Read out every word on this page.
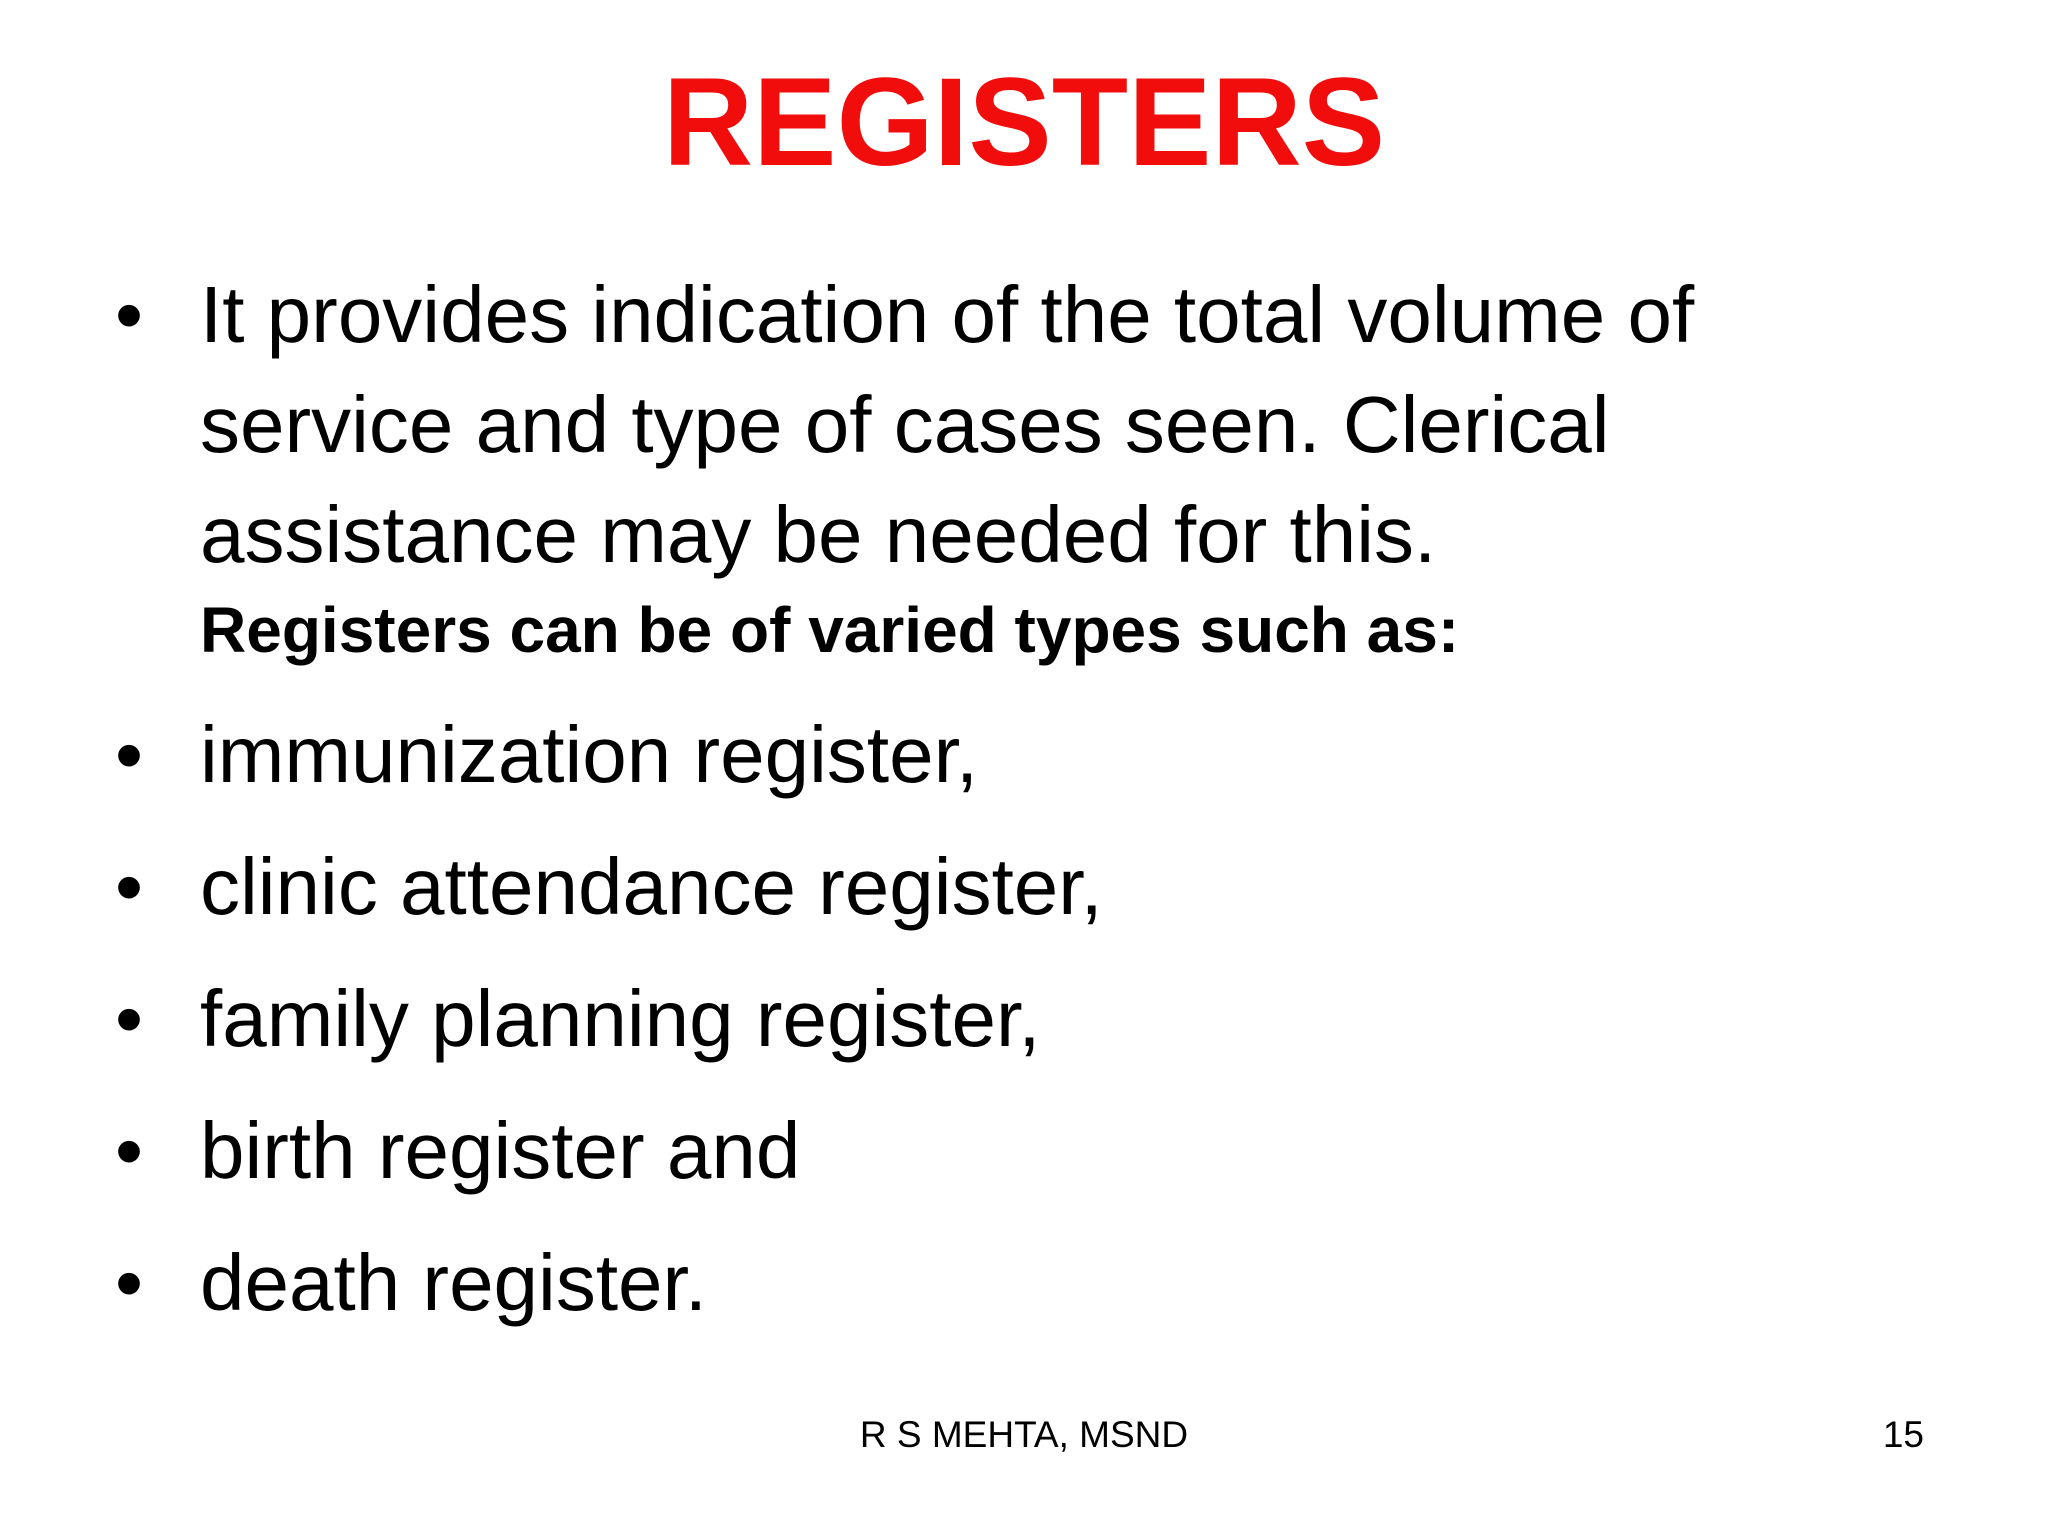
REGISTERS
• It provides indication of the total volume of service and type of cases seen. Clerical assistance may be needed for this.

Registers can be of varied types such as:

• immunization register,

• clinic attendance register,

• family planning register,

• birth register and

• death register.

R S MEHTA, MSND	15
